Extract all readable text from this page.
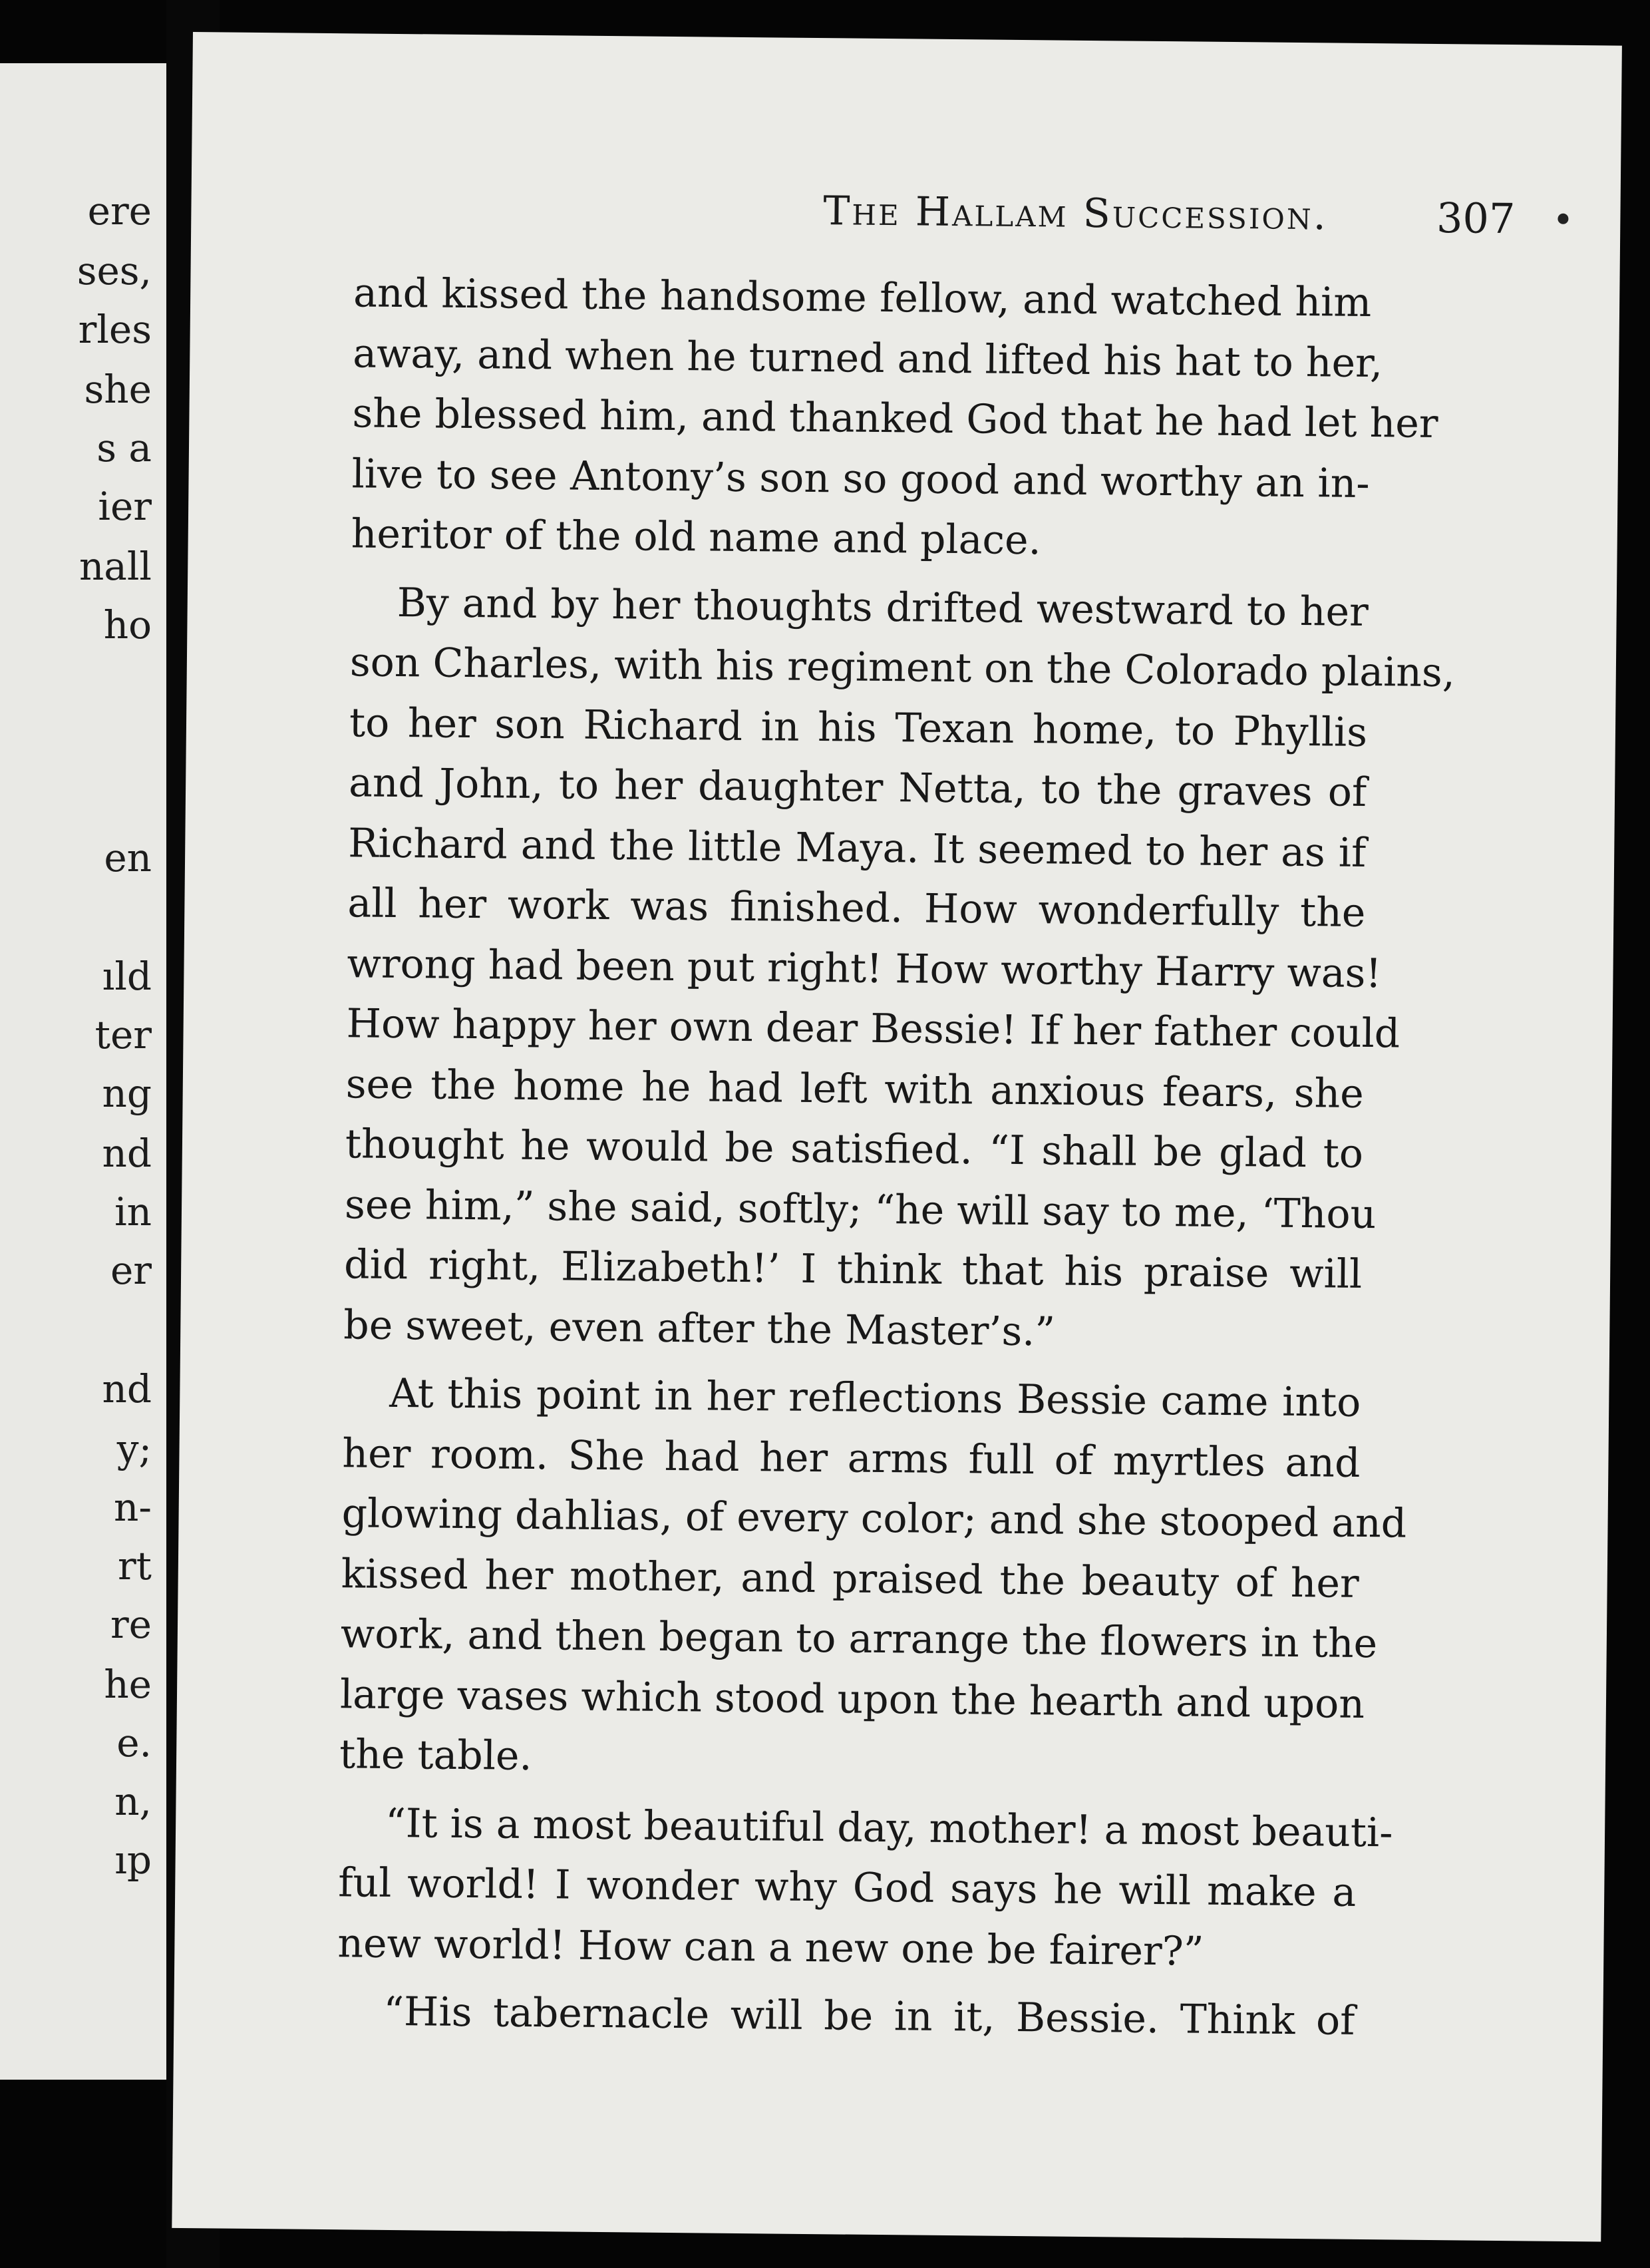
ere
ses,
rles
she
s a
ier
nall
ho
en
ıld
ter
ng
nd
in
er
nd
y;
n-
rt
re
he
e.
n,
ıp
The Hallam Succession.	307
and kissed the handsome fellow, and watched him
away, and when he turned and lifted his hat to her,
she blessed him, and thanked God that he had let her
live to see Antony’s son so good and worthy an in-
heritor of the old name and place.
By and by her thoughts drifted westward to her
son Charles, with his regiment on the Colorado plains,
to her son Richard in his Texan home, to Phyllis
and John, to her daughter Netta, to the graves of
Richard and the little Maya. It seemed to her as if
all her work was finished. How wonderfully the
wrong had been put right! How worthy Harry was!
How happy her own dear Bessie! If her father could
see the home he had left with anxious fears, she
thought he would be satisfied. “I shall be glad to
see him,” she said, softly; “he will say to me, ‘Thou
did right, Elizabeth!’ I think that his praise will
be sweet, even after the Master’s.”
At this point in her reflections Bessie came into
her room. She had her arms full of myrtles and
glowing dahlias, of every color; and she stooped and
kissed her mother, and praised the beauty of her
work, and then began to arrange the flowers in the
large vases which stood upon the hearth and upon
the table.
“It is a most beautiful day, mother! a most beauti-
ful world! I wonder why God says he will make a
new world! How can a new one be fairer?”
“His tabernacle will be in it, Bessie. Think of
